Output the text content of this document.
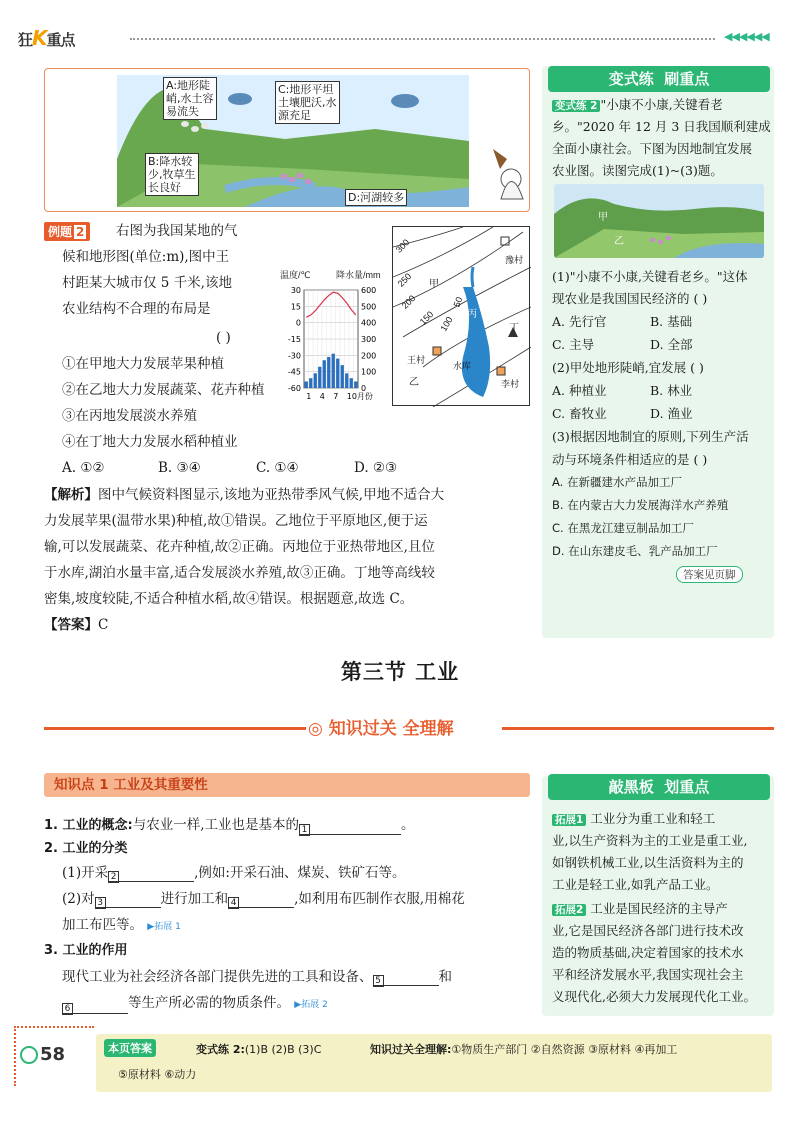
狂K重点	◀◀◀◀◀◀
A:地形陡
峭,水土容
易流失
B:降水较
少,牧草生
长良好
C:地形平坦
土壤肥沃,水
源充足
D:河湖较多
例题 2	右图为我国某地的气
候和地形图(单位:m),图中王
村距某大城市仅 5 千米,该地
农业结构不合理的布局是
( )
①在甲地大力发展苹果种植
②在乙地大力发展蔬菜、花卉种植
③在丙地发展淡水养殖
④在丁地大力发展水稻种植业
A. ①②	B. ③④	C. ①④	D. ②③
【解析】图中气候资料图显示,该地为亚热带季风气候,甲地不适合大
力发展苹果(温带水果)种植,故①错误。乙地位于平原地区,便于运
输,可以发展蔬菜、花卉种植,故②正确。丙地位于亚热带地区,且位
于水库,湖泊水量丰富,适合发展淡水养殖,故③正确。丁地等高线较
密集,坡度较陡,不适合种植水稻,故④错误。根据题意,故选 C。
【答案】C
温度/℃	降水量/mm
30	600
15	500
0	400
-15	300
-30	200
-45	100
-60	0
1 4 7 10月份
300
250
200
150 100
50
甲
豫村
丙
丁
王村
乙
水库
李村
变式练 刷重点
变式练 2 "小康不小康,关键看老
乡。"2020 年 12 月 3 日我国顺利建成
全面小康社会。下图为因地制宜发展
农业图。读图完成(1)~(3)题。
甲
乙
(1)"小康不小康,关键看老乡。"这体
现农业是我国国民经济的 ( )
A. 先行官	B. 基础
C. 主导	D. 全部
(2)甲处地形陡峭,宜发展 ( )
A. 种植业	B. 林业
C. 畜牧业	D. 渔业
(3)根据因地制宜的原则,下列生产活
动与环境条件相适应的是 ( )
A. 在新疆建水产品加工厂
B. 在内蒙古大力发展海洋水产养殖
C. 在黑龙江建豆制品加工厂
D. 在山东建皮毛、乳产品加工厂
答案见页脚
第三节 工业
◎ 知识过关 全理解
知识点 1 工业及其重要性
1. 工业的概念:与农业一样,工业也是基本的 1	。
2. 工业的分类
(1)开采 2	,例如:开采石油、煤炭、铁矿石等。
(2)对 3	进行加工和 4	,如利用布匹制作衣服,用棉花
加工布匹等。 ▶拓展 1
3. 工业的作用
现代工业为社会经济各部门提供先进的工具和设备、 5	和
6	等生产所必需的物质条件。 ▶拓展 2
敲黑板 划重点
拓展1 工业分为重工业和轻工
业,以生产资料为主的工业是重工业,
如钢铁机械工业,以生活资料为主的
工业是轻工业,如乳产品工业。
拓展2 工业是国民经济的主导产
业,它是国民经济各部门进行技术改
造的物质基础,决定着国家的技术水
平和经济发展水平,我国实现社会主
义现代化,必须大力发展现代化工业。
58	本页答案	变式练 2:(1)B (2)B (3)C	知识过关全理解:①物质生产部门 ②自然资源 ③原材料 ④再加工
⑤原材料 ⑥动力
